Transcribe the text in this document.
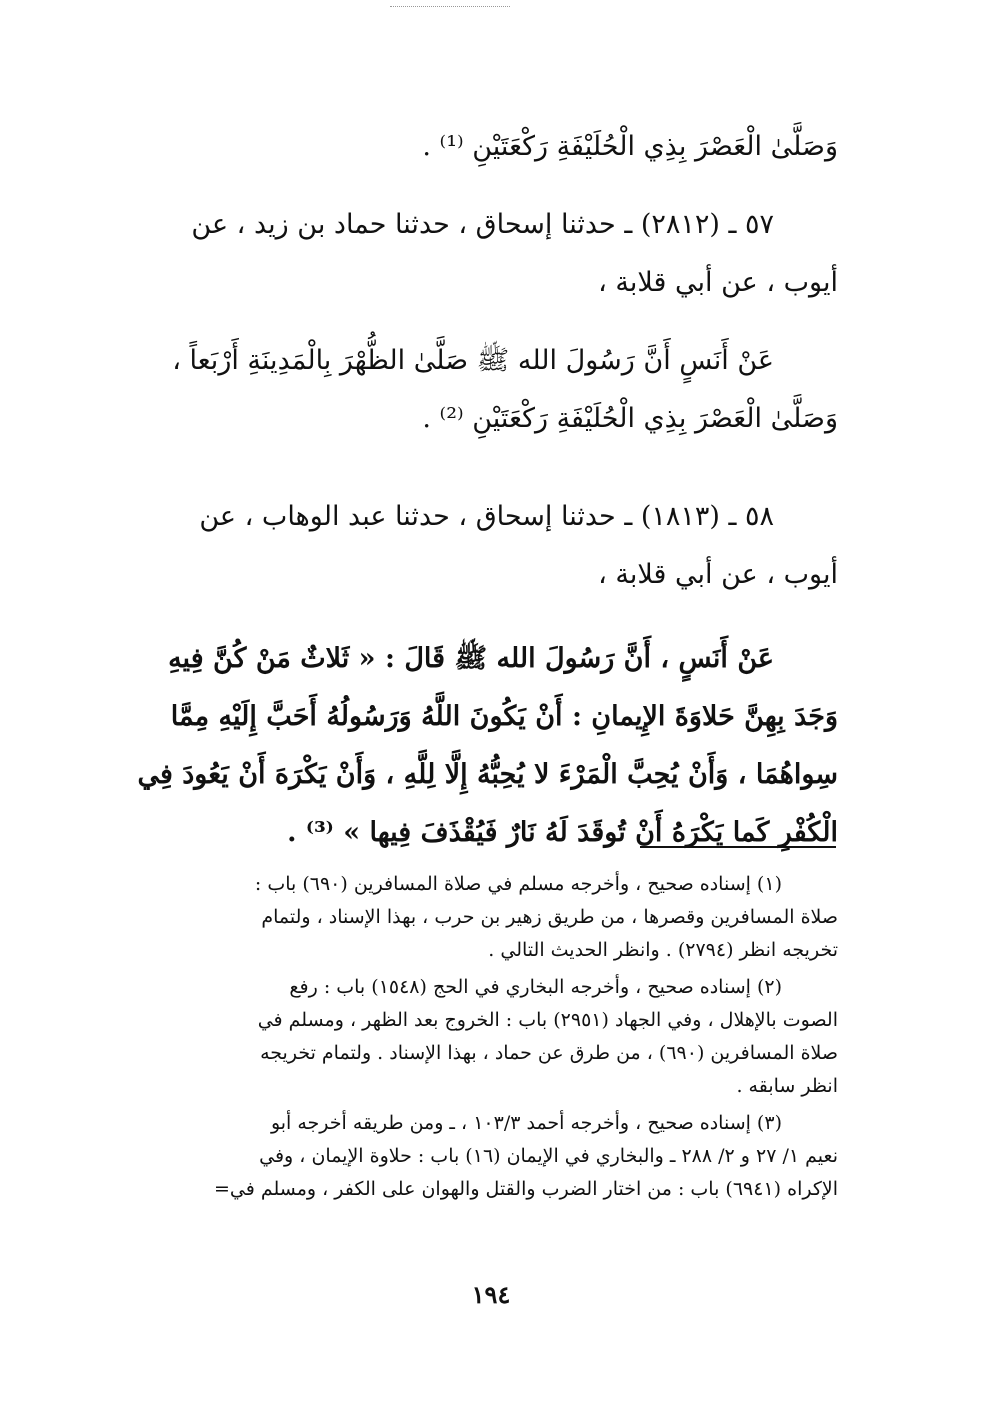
وَصَلَّىٰ الْعَصْرَ بِذِي الْحُلَيْفَةِ رَكْعَتَيْنِ ⁽¹⁾ .

٥٧ ـ (٢٨١٢) ـ حدثنا إسحاق ، حدثنا حماد بن زيد ، عن

أيوب ، عن أبي قلابة ،

عَنْ أَنَسٍ أَنَّ رَسُولَ الله ﷺ صَلَّىٰ الظُّهْرَ بِالْمَدِينَةِ أَرْبَعاً ،

وَصَلَّىٰ الْعَصْرَ بِذِي الْحُلَيْفَةِ رَكْعَتَيْنِ ⁽²⁾ .

٥٨ ـ (١٨١٣) ـ حدثنا إسحاق ، حدثنا عبد الوهاب ، عن

أيوب ، عن أبي قلابة ،

عَنْ أَنَسٍ ، أَنَّ رَسُولَ الله ﷺ قَالَ : « ثَلاثٌ مَنْ كُنَّ فِيهِ

وَجَدَ بِهِنَّ حَلاوَةَ الإِيمانِ : أَنْ يَكُونَ اللَّهُ وَرَسُولُهُ أَحَبَّ إِلَيْهِ مِمَّا

سِواهُمَا ، وَأَنْ يُحِبَّ الْمَرْءَ لا يُحِبُّهُ إِلَّا لِلَّهِ ، وَأَنْ يَكْرَهَ أَنْ يَعُودَ فِي

الْكُفْرِ كَما يَكْرَهُ أَنْ تُوقَدَ لَهُ نَارٌ فَيُقْذَفَ فِيها » ⁽³⁾ .

(١) إسناده صحيح ، وأخرجه مسلم في صلاة المسافرين (٦٩٠) باب :

صلاة المسافرين وقصرها ، من طريق زهير بن حرب ، بهذا الإسناد ، ولتمام

تخريجه انظر (٢٧٩٤) . وانظر الحديث التالي .

(٢) إسناده صحيح ، وأخرجه البخاري في الحج (١٥٤٨) باب : رفع

الصوت بالإهلال ، وفي الجهاد (٢٩٥١) باب : الخروج بعد الظهر ، ومسلم في

صلاة المسافرين (٦٩٠) ، من طرق عن حماد ، بهذا الإسناد . ولتمام تخريجه

انظر سابقه .

(٣) إسناده صحيح ، وأخرجه أحمد ١٠٣/٣ ، ـ ومن طريقه أخرجه أبو

نعيم ١/ ٢٧ و ٢/ ٢٨٨ ـ والبخاري في الإيمان (١٦) باب : حلاوة الإيمان ، وفي

الإكراه (٦٩٤١) باب : من اختار الضرب والقتل والهوان على الكفر ، ومسلم في=

١٩٤
